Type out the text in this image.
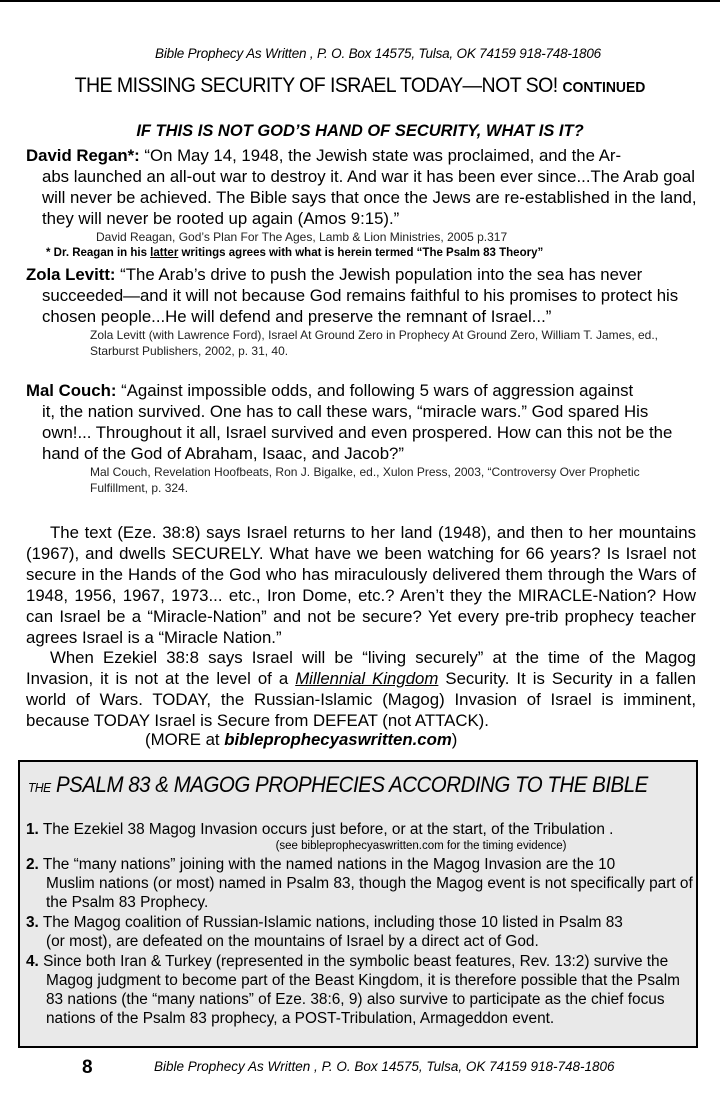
Bible Prophecy As Written , P. O. Box 14575, Tulsa, OK 74159 918-748-1806
THE MISSING SECURITY OF ISRAEL TODAY—NOT SO! CONTINUED
IF THIS IS NOT GOD’S HAND OF SECURITY, WHAT IS IT?
David Regan*: “On May 14, 1948, the Jewish state was proclaimed, and the Ar-
abs launched an all-out war to destroy it. And war it has been ever since...The Arab goal will never be achieved. The Bible says that once the Jews are re-established in the land, they will never be rooted up again (Amos 9:15).”
David Reagan, God’s Plan For The Ages, Lamb & Lion Ministries, 2005 p.317
* Dr. Reagan in his latter writings agrees with what is herein termed “The Psalm 83 Theory”
Zola Levitt: “The Arab’s drive to push the Jewish population into the sea has never
succeeded—and it will not because God remains faithful to his promises to protect his chosen people...He will defend and preserve the remnant of Israel...”
Zola Levitt (with Lawrence Ford), Israel At Ground Zero in Prophecy At Ground Zero, William T. James, ed., Starburst Publishers, 2002, p. 31, 40.
Mal Couch: “Against impossible odds, and following 5 wars of aggression against
it, the nation survived. One has to call these wars, “miracle wars.” God spared His own!... Throughout it all, Israel survived and even prospered. How can this not be the hand of the God of Abraham, Isaac, and Jacob?”
Mal Couch, Revelation Hoofbeats, Ron J. Bigalke, ed., Xulon Press, 2003, “Controversy Over Prophetic Fulfillment, p. 324.
The text (Eze. 38:8) says Israel returns to her land (1948), and then to her mountains (1967), and dwells SECURELY. What have we been watching for 66 years? Is Israel not secure in the Hands of the God who has miraculously delivered them through the Wars of 1948, 1956, 1967, 1973... etc., Iron Dome, etc.? Aren’t they the MIRACLE-Nation? How can Israel be a “Miracle-Nation” and not be secure? Yet every pre-trib prophecy teacher agrees Israel is a “Miracle Nation.”
When Ezekiel 38:8 says Israel will be “living securely” at the time of the Magog Invasion, it is not at the level of a Millennial Kingdom Security. It is Security in a fallen world of Wars. TODAY, the Russian-Islamic (Magog) Invasion of Israel is imminent, because TODAY Israel is Secure from DEFEAT (not ATTACK).
(MORE at bibleprophecyaswritten.com)
THE PSALM 83 & MAGOG PROPHECIES ACCORDING TO THE BIBLE
1. The Ezekiel 38 Magog Invasion occurs just before, or at the start, of the Tribulation .
(see bibleprophecyaswritten.com for the timing evidence)
2. The “many nations” joining with the named nations in the Magog Invasion are the 10
Muslim nations (or most) named in Psalm 83, though the Magog event is not specifically part of the Psalm 83 Prophecy.
3. The Magog coalition of Russian-Islamic nations, including those 10 listed in Psalm 83
(or most), are defeated on the mountains of Israel by a direct act of God.
4. Since both Iran & Turkey (represented in the symbolic beast features, Rev. 13:2) survive the
Magog judgment to become part of the Beast Kingdom, it is therefore possible that the Psalm 83 nations (the “many nations” of Eze. 38:6, 9) also survive to participate as the chief focus nations of the Psalm 83 prophecy, a POST-Tribulation, Armageddon event.
8	Bible Prophecy As Written , P. O. Box 14575, Tulsa, OK 74159 918-748-1806
